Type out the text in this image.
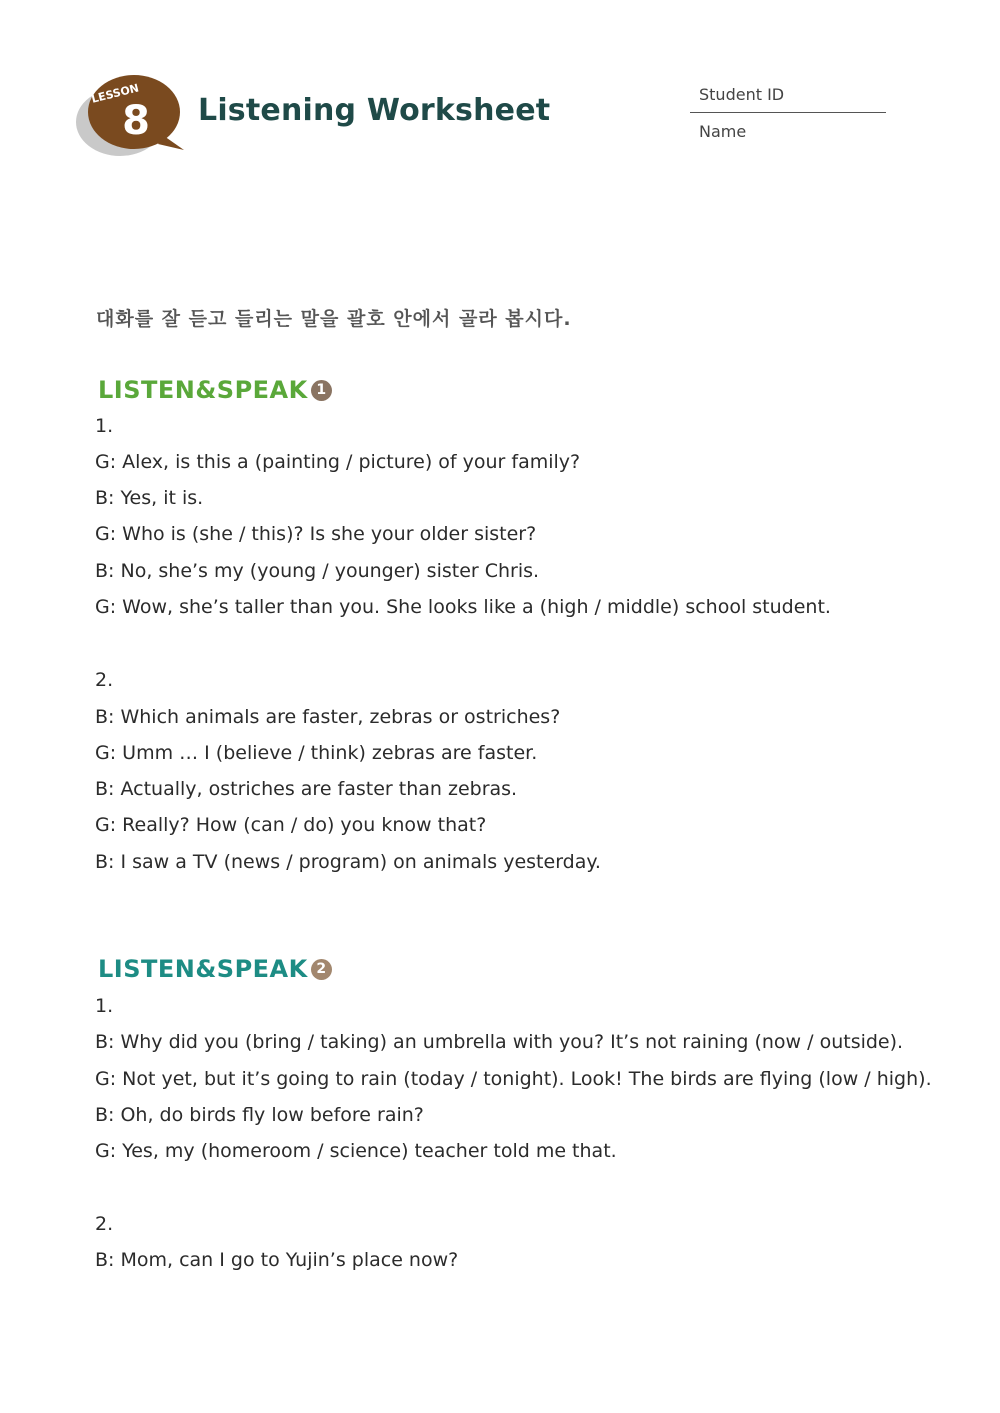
LESSON
8 Listening Worksheet	Student ID
Name
대화를 잘 듣고 들리는 말을 괄호 안에서 골라 봅시다.
LISTEN&SPEAK 1
1.
G: Alex, is this a (painting / picture) of your family?
B: Yes, it is.
G: Who is (she / this)? Is she your older sister?
B: No, she’s my (young / younger) sister Chris.
G: Wow, she’s taller than you. She looks like a (high / middle) school student.
2.
B: Which animals are faster, zebras or ostriches?
G: Umm … I (believe / think) zebras are faster.
B: Actually, ostriches are faster than zebras.
G: Really? How (can / do) you know that?
B: I saw a TV (news / program) on animals yesterday.
LISTEN&SPEAK 2
1.
B: Why did you (bring / taking) an umbrella with you? It’s not raining (now / outside).
G: Not yet, but it’s going to rain (today / tonight). Look! The birds are flying (low / high).
B: Oh, do birds fly low before rain?
G: Yes, my (homeroom / science) teacher told me that.
2.
B: Mom, can I go to Yujin’s place now?
